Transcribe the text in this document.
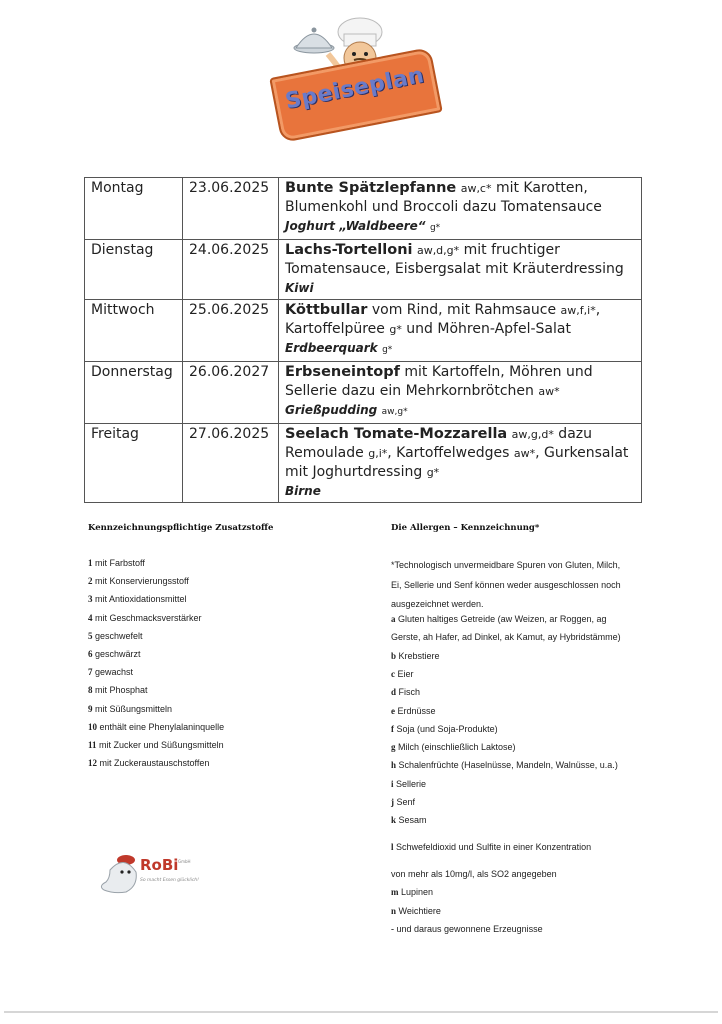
Speiseplan
Montag	23.06.2025	Bunte Spätzlepfanne aw,c* mit Karotten, Blumenkohl und Broccoli dazu Tomatensauce
Joghurt „Waldbeere“ g*
Dienstag	24.06.2025	Lachs-Tortelloni aw,d,g* mit fruchtiger Tomatensauce, Eisbergsalat mit Kräuterdressing
Kiwi
Mittwoch	25.06.2025	Köttbullar vom Rind, mit Rahmsauce aw,f,i*, Kartoffelpüree g* und Möhren-Apfel-Salat
Erdbeerquark g*
Donnerstag	26.06.2027	Erbseneintopf mit Kartoffeln, Möhren und Sellerie dazu ein Mehrkornbrötchen aw*
Grießpudding aw,g*
Freitag	27.06.2025	Seelach Tomate-Mozzarella aw,g,d* dazu Remoulade g,i*, Kartoffelwedges aw*, Gurkensalat mit Joghurtdressing g*
Birne
Kennzeichnungspflichtige Zusatzstoffe
1 mit Farbstoff
2 mit Konservierungsstoff
3 mit Antioxidationsmittel
4 mit Geschmacksverstärker
5 geschwefelt
6 geschwärzt
7 gewachst
8 mit Phosphat
9 mit Süßungsmitteln
10 enthält eine Phenylalaninquelle
11 mit Zucker und Süßungsmitteln
12 mit Zuckeraustauschstoffen
Die Allergen – Kennzeichnung*
*Technologisch unvermeidbare Spuren von Gluten, Milch,
Ei, Sellerie und Senf können weder ausgeschlossen noch
ausgezeichnet werden.
a Gluten haltiges Getreide (aw Weizen, ar Roggen, ag
Gerste, ah Hafer, ad Dinkel, ak Kamut, ay Hybridstämme)
b Krebstiere
c Eier
d Fisch
e Erdnüsse
f Soja (und Soja-Produkte)
g Milch (einschließlich Laktose)
h Schalenfrüchte (Haselnüsse, Mandeln, Walnüsse, u.a.)
i Sellerie
j Senf
k Sesam
l Schwefeldioxid und Sulfite in einer Konzentration
von mehr als 10mg/l, als SO2 angegeben
m Lupinen
n Weichtiere
- und daraus gewonnene Erzeugnisse
RoBi GmbH
So macht Essen glücklich!
